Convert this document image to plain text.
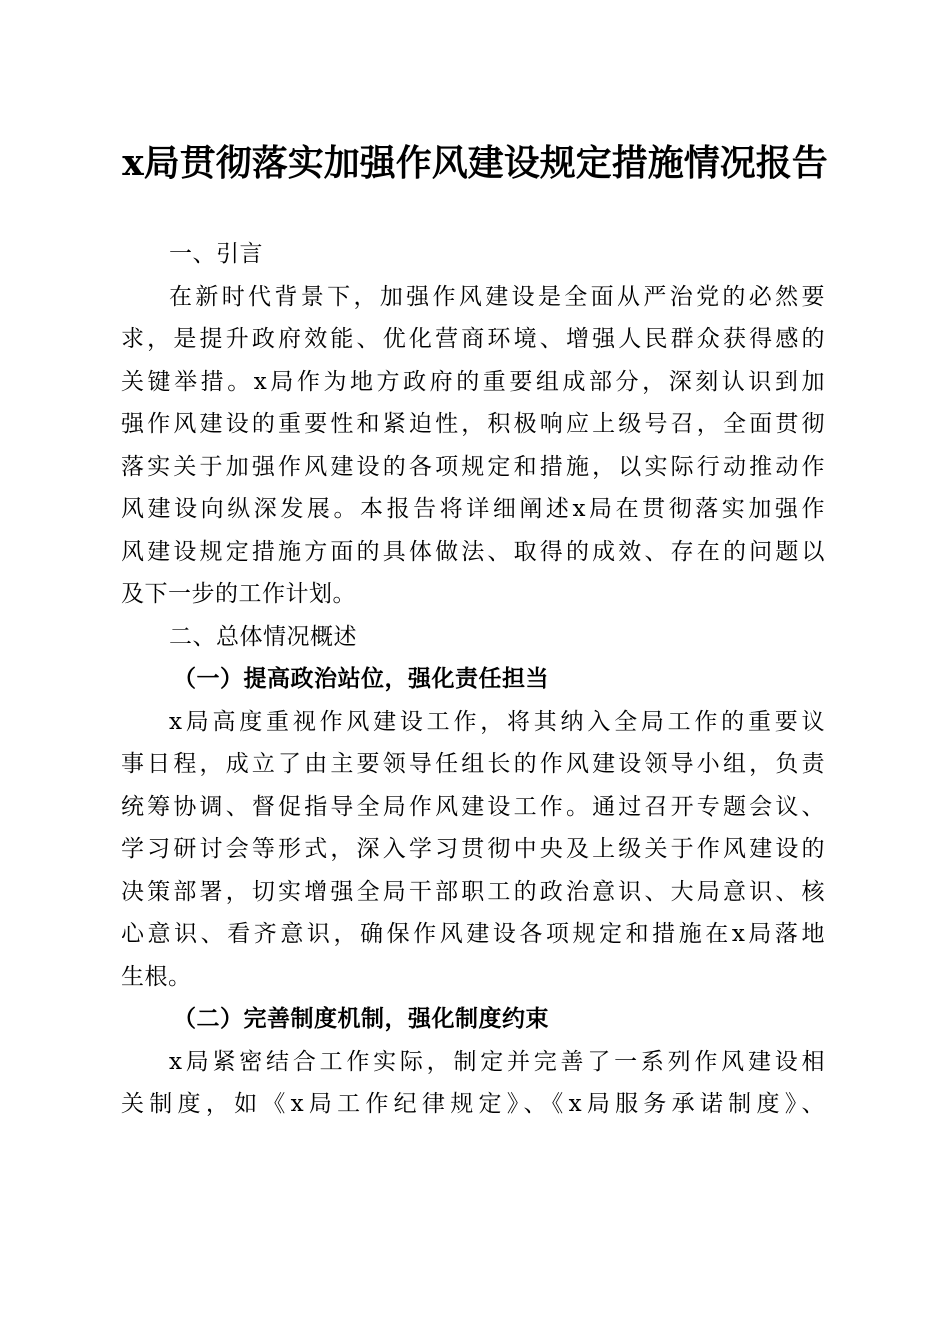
x局贯彻落实加强作风建设规定措施情况报告
一、引言
在新时代背景下，加强作风建设是全面从严治党的必然要
求，是提升政府效能、优化营商环境、增强人民群众获得感的
关键举措。x局作为地方政府的重要组成部分，深刻认识到加
强作风建设的重要性和紧迫性，积极响应上级号召，全面贯彻
落实关于加强作风建设的各项规定和措施，以实际行动推动作
风建设向纵深发展。本报告将详细阐述x局在贯彻落实加强作
风建设规定措施方面的具体做法、取得的成效、存在的问题以
及下一步的工作计划。
二、总体情况概述
（一）提高政治站位，强化责任担当
x局高度重视作风建设工作，将其纳入全局工作的重要议
事日程，成立了由主要领导任组长的作风建设领导小组，负责
统筹协调、督促指导全局作风建设工作。通过召开专题会议、
学习研讨会等形式，深入学习贯彻中央及上级关于作风建设的
决策部署，切实增强全局干部职工的政治意识、大局意识、核
心意识、看齐意识，确保作风建设各项规定和措施在x局落地
生根。
（二）完善制度机制，强化制度约束
x局紧密结合工作实际，制定并完善了一系列作风建设相
关制度，如《x局工作纪律规定》、《x局服务承诺制度》、
